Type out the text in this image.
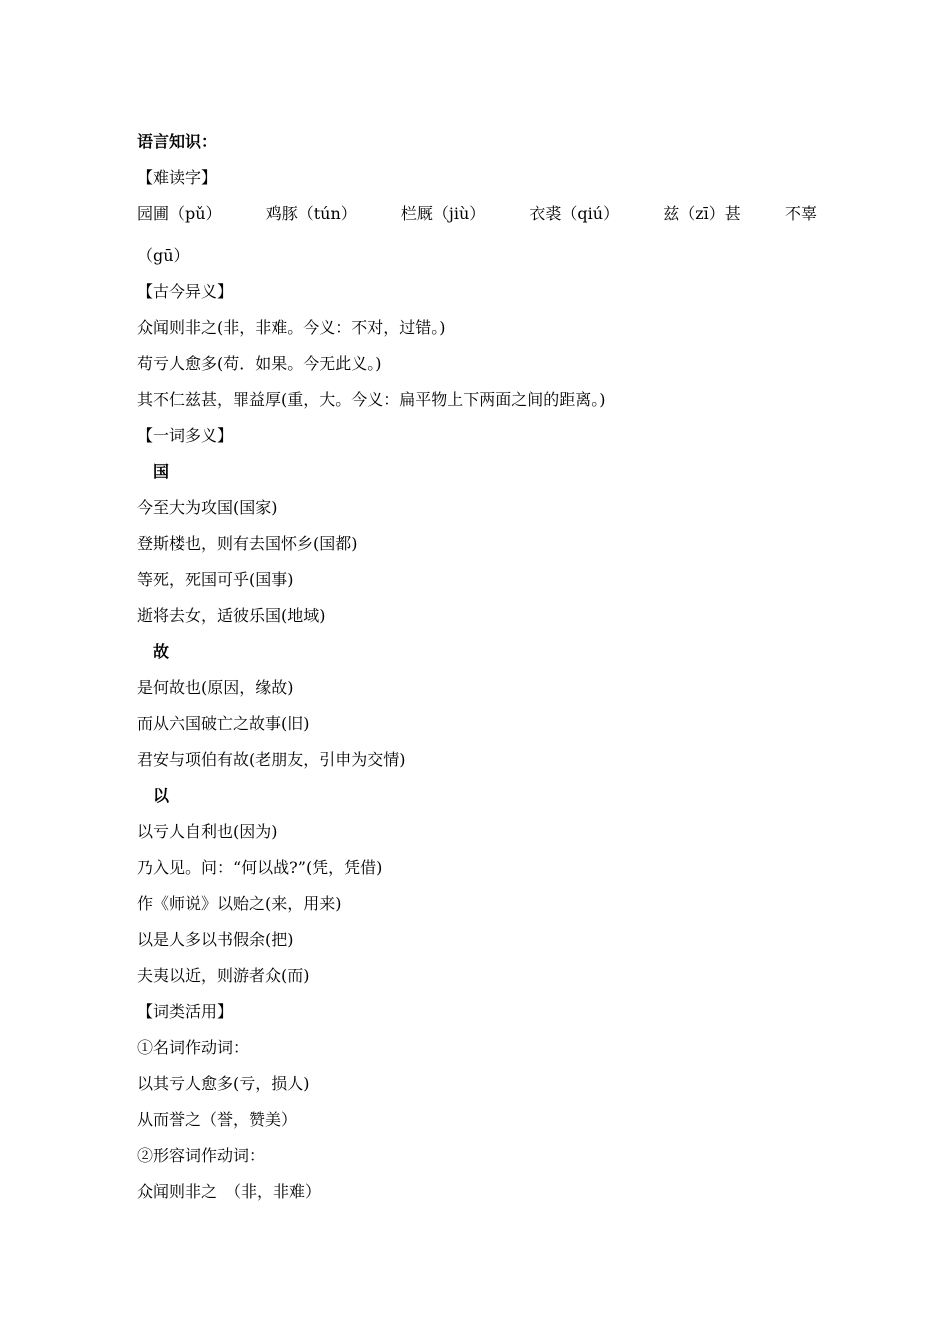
语言知识：
【难读字】
园圃（pǔ）	鸡豚（tún）	栏厩（jiù）	衣裘（qiú）	兹（zī）甚	不辜
（gū）
【古今异义】
众闻则非之(非，非难。今义：不对，过错。)
苟亏人愈多(苟．如果。今无此义。)
其不仁兹甚，罪益厚(重，大。今义：扁平物上下两面之间的距离。)
【一词多义】
国
今至大为攻国(国家)
登斯楼也，则有去国怀乡(国都)
等死，死国可乎(国事)
逝将去女，适彼乐国(地域)
故
是何故也(原因，缘故)
而从六国破亡之故事(旧)
君安与项伯有故(老朋友，引申为交情)
以
以亏人自利也(因为)
乃入见。问：“何以战?”(凭，凭借)
作《师说》以贻之(来，用来)
以是人多以书假余(把)
夫夷以近，则游者众(而)
【词类活用】
①名词作动词：
以其亏人愈多(亏，损人)
从而誉之（誉，赞美）
②形容词作动词：
众闻则非之　（非，非难）
